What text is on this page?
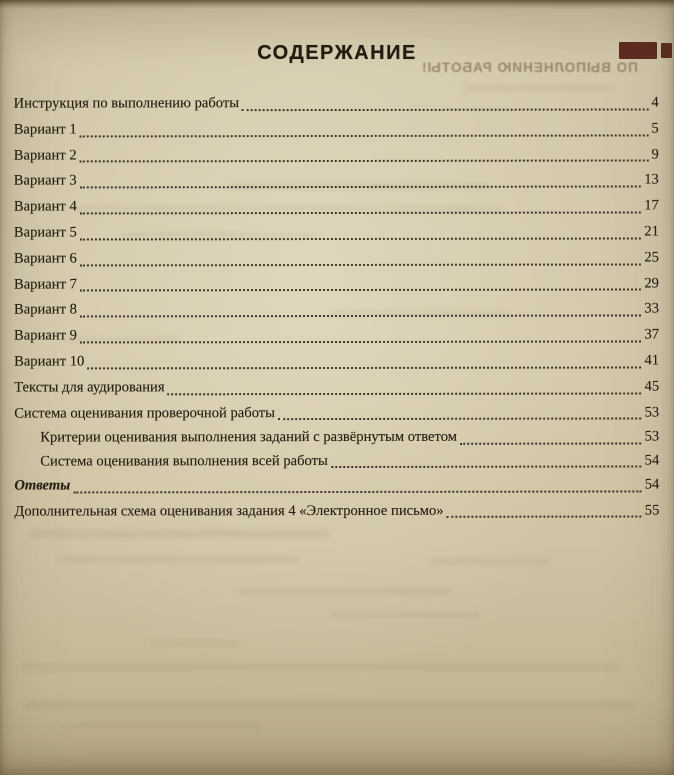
ПО ВЫПОЛНЕНИЮ РАБОТЫ!
СОДЕРЖАНИЕ
Инструкция по выполнению работы	4
Вариант 1	5
Вариант 2	9
Вариант 3	13
Вариант 4	17
Вариант 5	21
Вариант 6	25
Вариант 7	29
Вариант 8	33
Вариант 9	37
Вариант 10	41
Тексты для аудирования	45
Система оценивания проверочной работы	53
Критерии оценивания выполнения заданий с развёрнутым ответом	53
Система оценивания выполнения всей работы	54
Ответы	54
Дополнительная схема оценивания задания 4 «Электронное письмо»	55
